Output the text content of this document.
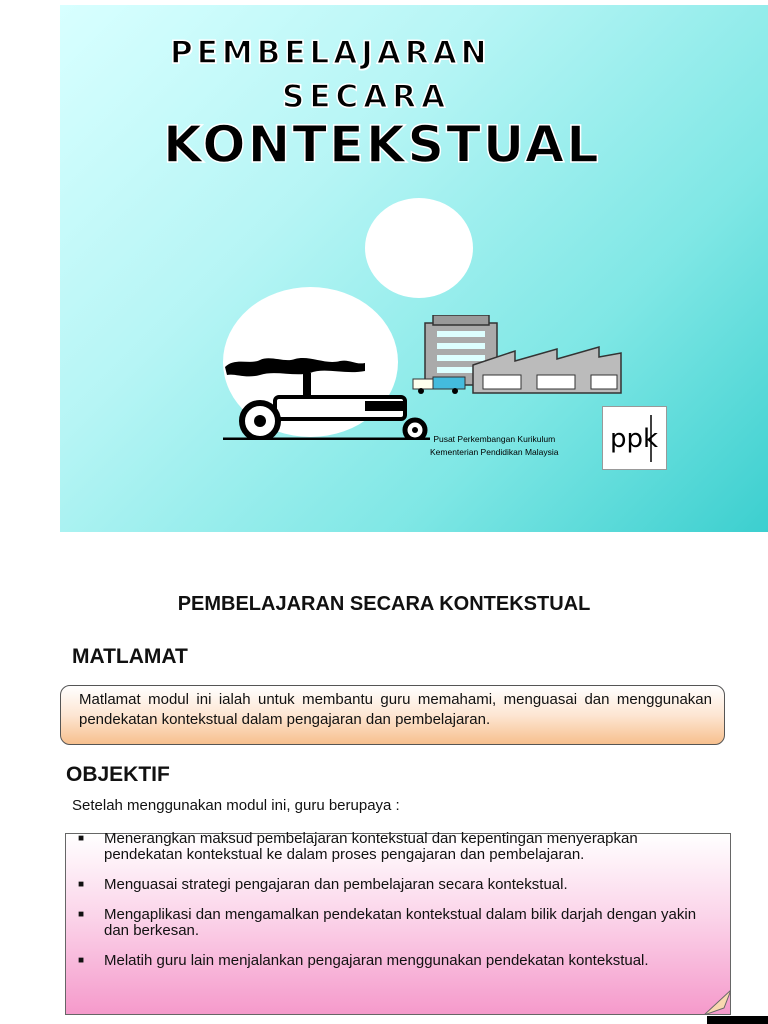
PEMBELAJARAN
SECARA
KONTEKSTUAL
Pusat Perkembangan Kurikulum
Kementerian Pendidikan Malaysia ppk
PEMBELAJARAN SECARA KONTEKSTUAL
MATLAMAT
Matlamat modul ini ialah untuk membantu guru memahami, menguasai dan menggunakan pendekatan kontekstual dalam pengajaran dan pembelajaran.
OBJEKTIF
Setelah menggunakan modul ini, guru berupaya :
■ Menerangkan maksud pembelajaran kontekstual dan kepentingan menyerapkan pendekatan kontekstual ke dalam proses pengajaran dan pembelajaran.
■ Menguasai strategi pengajaran dan pembelajaran secara kontekstual.
■ Mengaplikasi dan mengamalkan pendekatan kontekstual dalam bilik darjah dengan yakin dan berkesan.
■ Melatih guru lain menjalankan pengajaran menggunakan pendekatan kontekstual.
